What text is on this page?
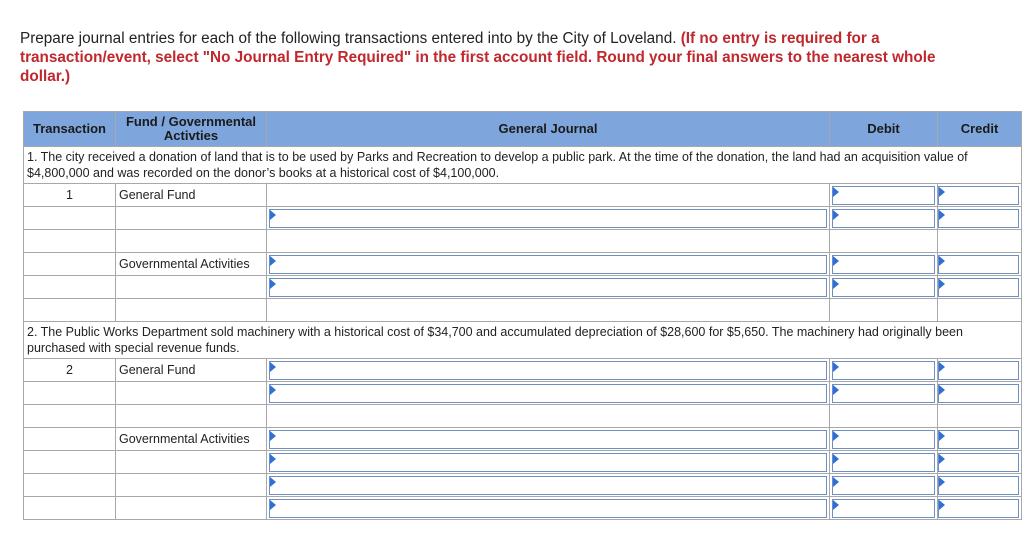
Prepare journal entries for each of the following transactions entered into by the City of Loveland. (If no entry is required for a transaction/event, select "No Journal Entry Required" in the first account field. Round your final answers to the nearest whole dollar.)
Transaction	Fund / Governmental Activties	General Journal	Debit	Credit
1. The city received a donation of land that is to be used by Parks and Recreation to develop a public park. At the time of the donation, the land had an acquisition value of $4,800,000 and was recorded on the donor’s books at a historical cost of $4,100,000.				
1	General Fund	

	Governmental Activities	

2. The Public Works Department sold machinery with a historical cost of $34,700 and accumulated depreciation of $28,600 for $5,650. The machinery had originally been purchased with special revenue funds.				
2	General Fund	

	Governmental Activities	
